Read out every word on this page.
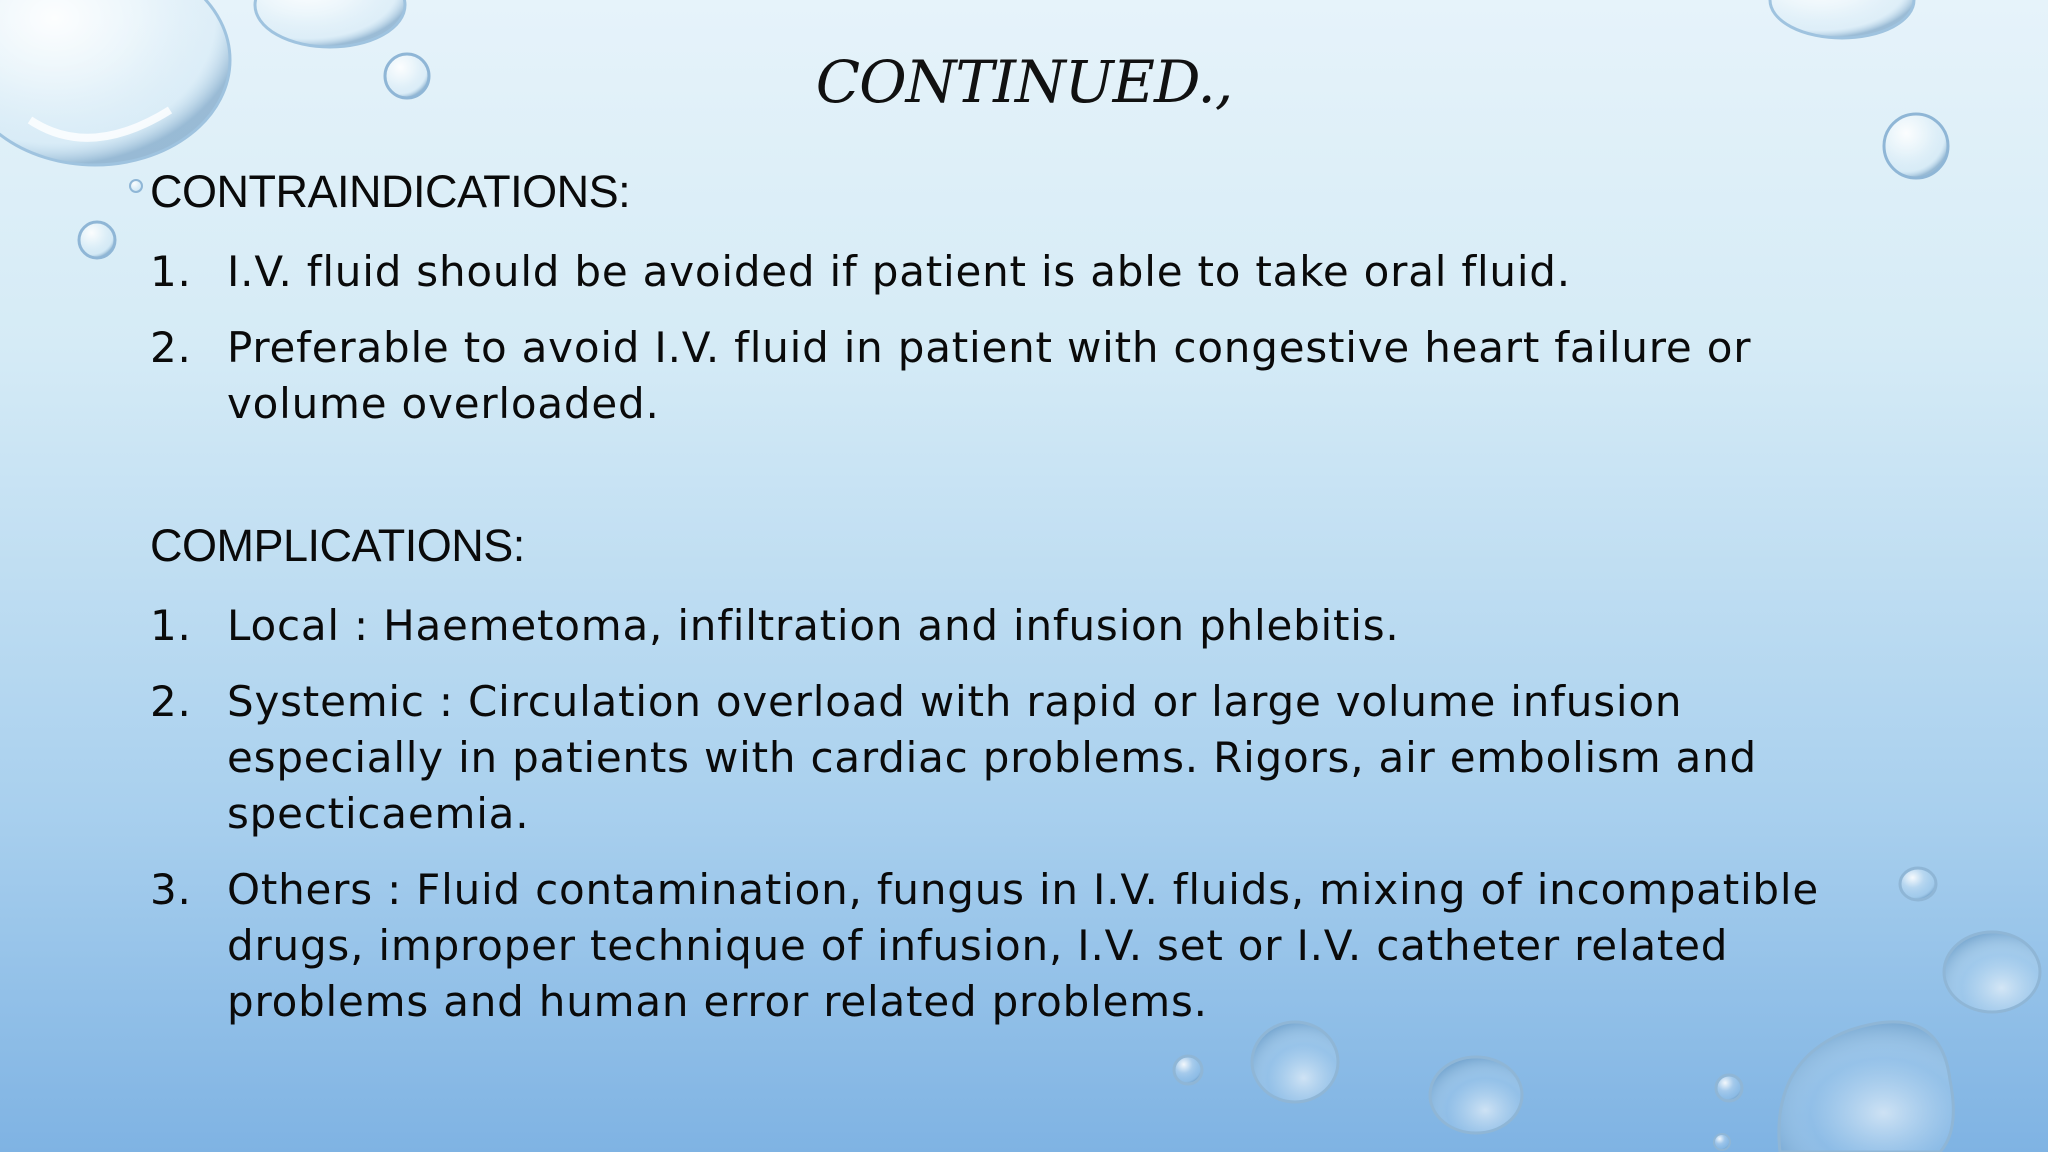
CONTINUED.,

CONTRAINDICATIONS:

1. I.V. fluid should be avoided if patient is able to take oral fluid.
2. Preferable to avoid I.V. fluid in patient with congestive heart failure or volume overloaded.

COMPLICATIONS:

1. Local : Haemetoma, infiltration and infusion phlebitis.
2. Systemic : Circulation overload with rapid or large volume infusion especially in patients with cardiac problems. Rigors, air embolism and specticaemia.
3. Others : Fluid contamination, fungus in I.V. fluids, mixing of incompatible drugs, improper technique of infusion, I.V. set or I.V. catheter related problems and human error related problems.
